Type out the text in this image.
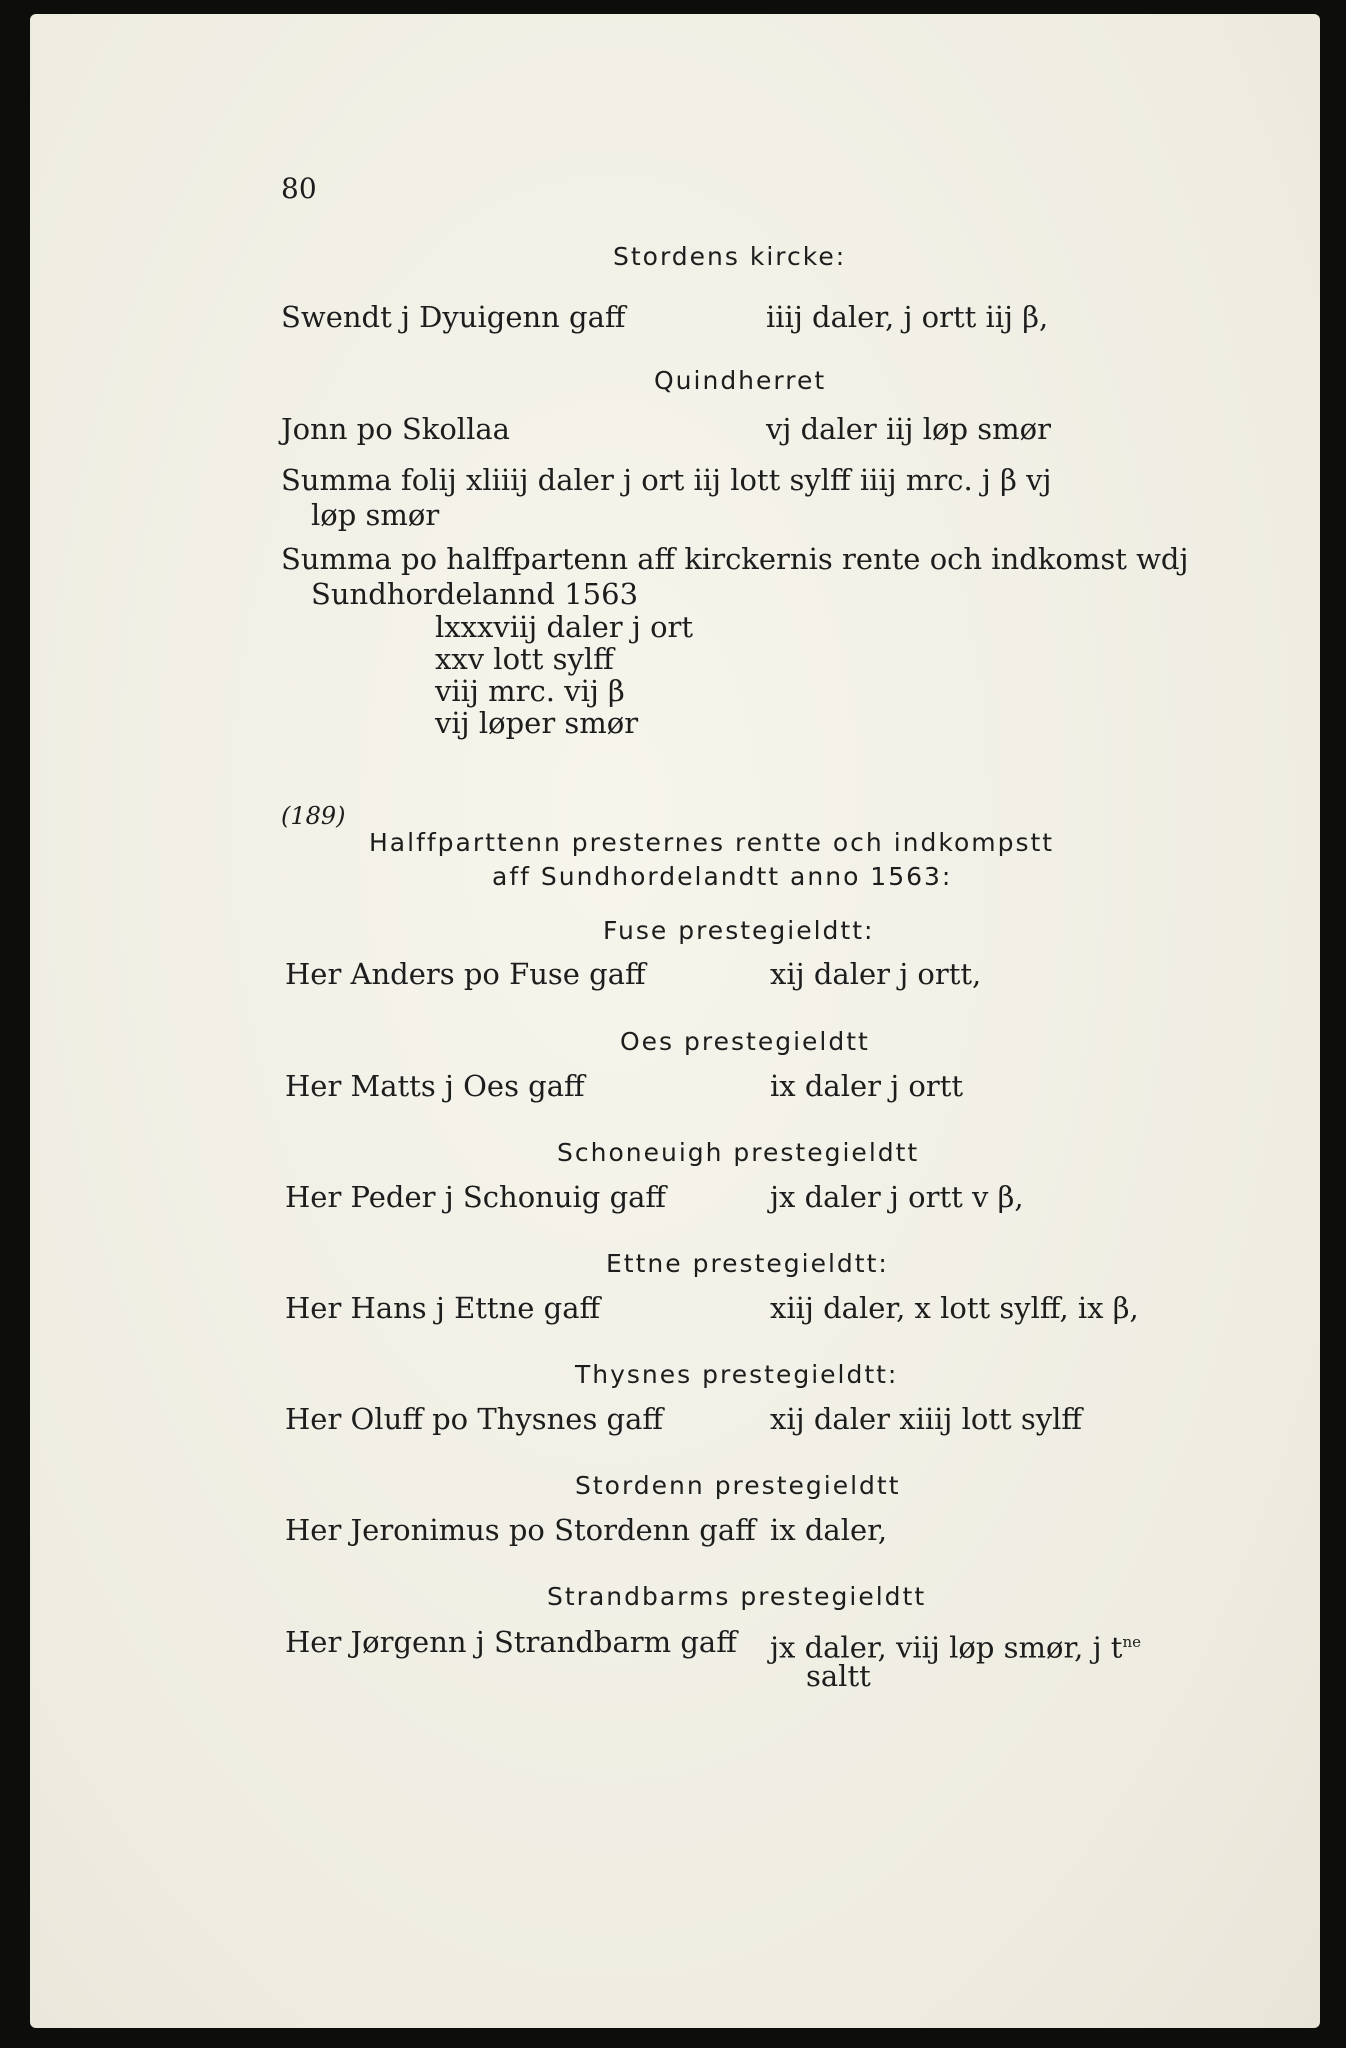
80
Stordens kircke:
Swendt j Dyuigenn gaff	iiij daler, j ortt iij β,
Quindherret
Jonn po Skollaa	vj daler iij løp smør
Summa folij xliiij daler j ort iij lott sylff iiij mrc. j β vj
løp smør
Summa po halffpartenn aff kirckernis rente och indkomst wdj
Sundhordelannd 1563
lxxxviij daler j ort
xxv lott sylff
viij mrc. vij β
vij løper smør
(189)
Halffparttenn presternes rentte och indkompstt
aff Sundhordelandtt anno 1563:
Fuse prestegieldtt:
Her Anders po Fuse gaff	xij daler j ortt,
Oes prestegieldtt
Her Matts j Oes gaff	ix daler j ortt
Schoneuigh prestegieldtt
Her Peder j Schonuig gaff	jx daler j ortt v β,
Ettne prestegieldtt:
Her Hans j Ettne gaff	xiij daler, x lott sylff, ix β,
Thysnes prestegieldtt:
Her Oluff po Thysnes gaff	xij daler xiiij lott sylff
Stordenn prestegieldtt
Her Jeronimus po Stordenn gaff ix daler,
Strandbarms prestegieldtt
Her Jørgenn j Strandbarm gaff jx daler, viij løp smør, j $t^{ne}$
saltt
